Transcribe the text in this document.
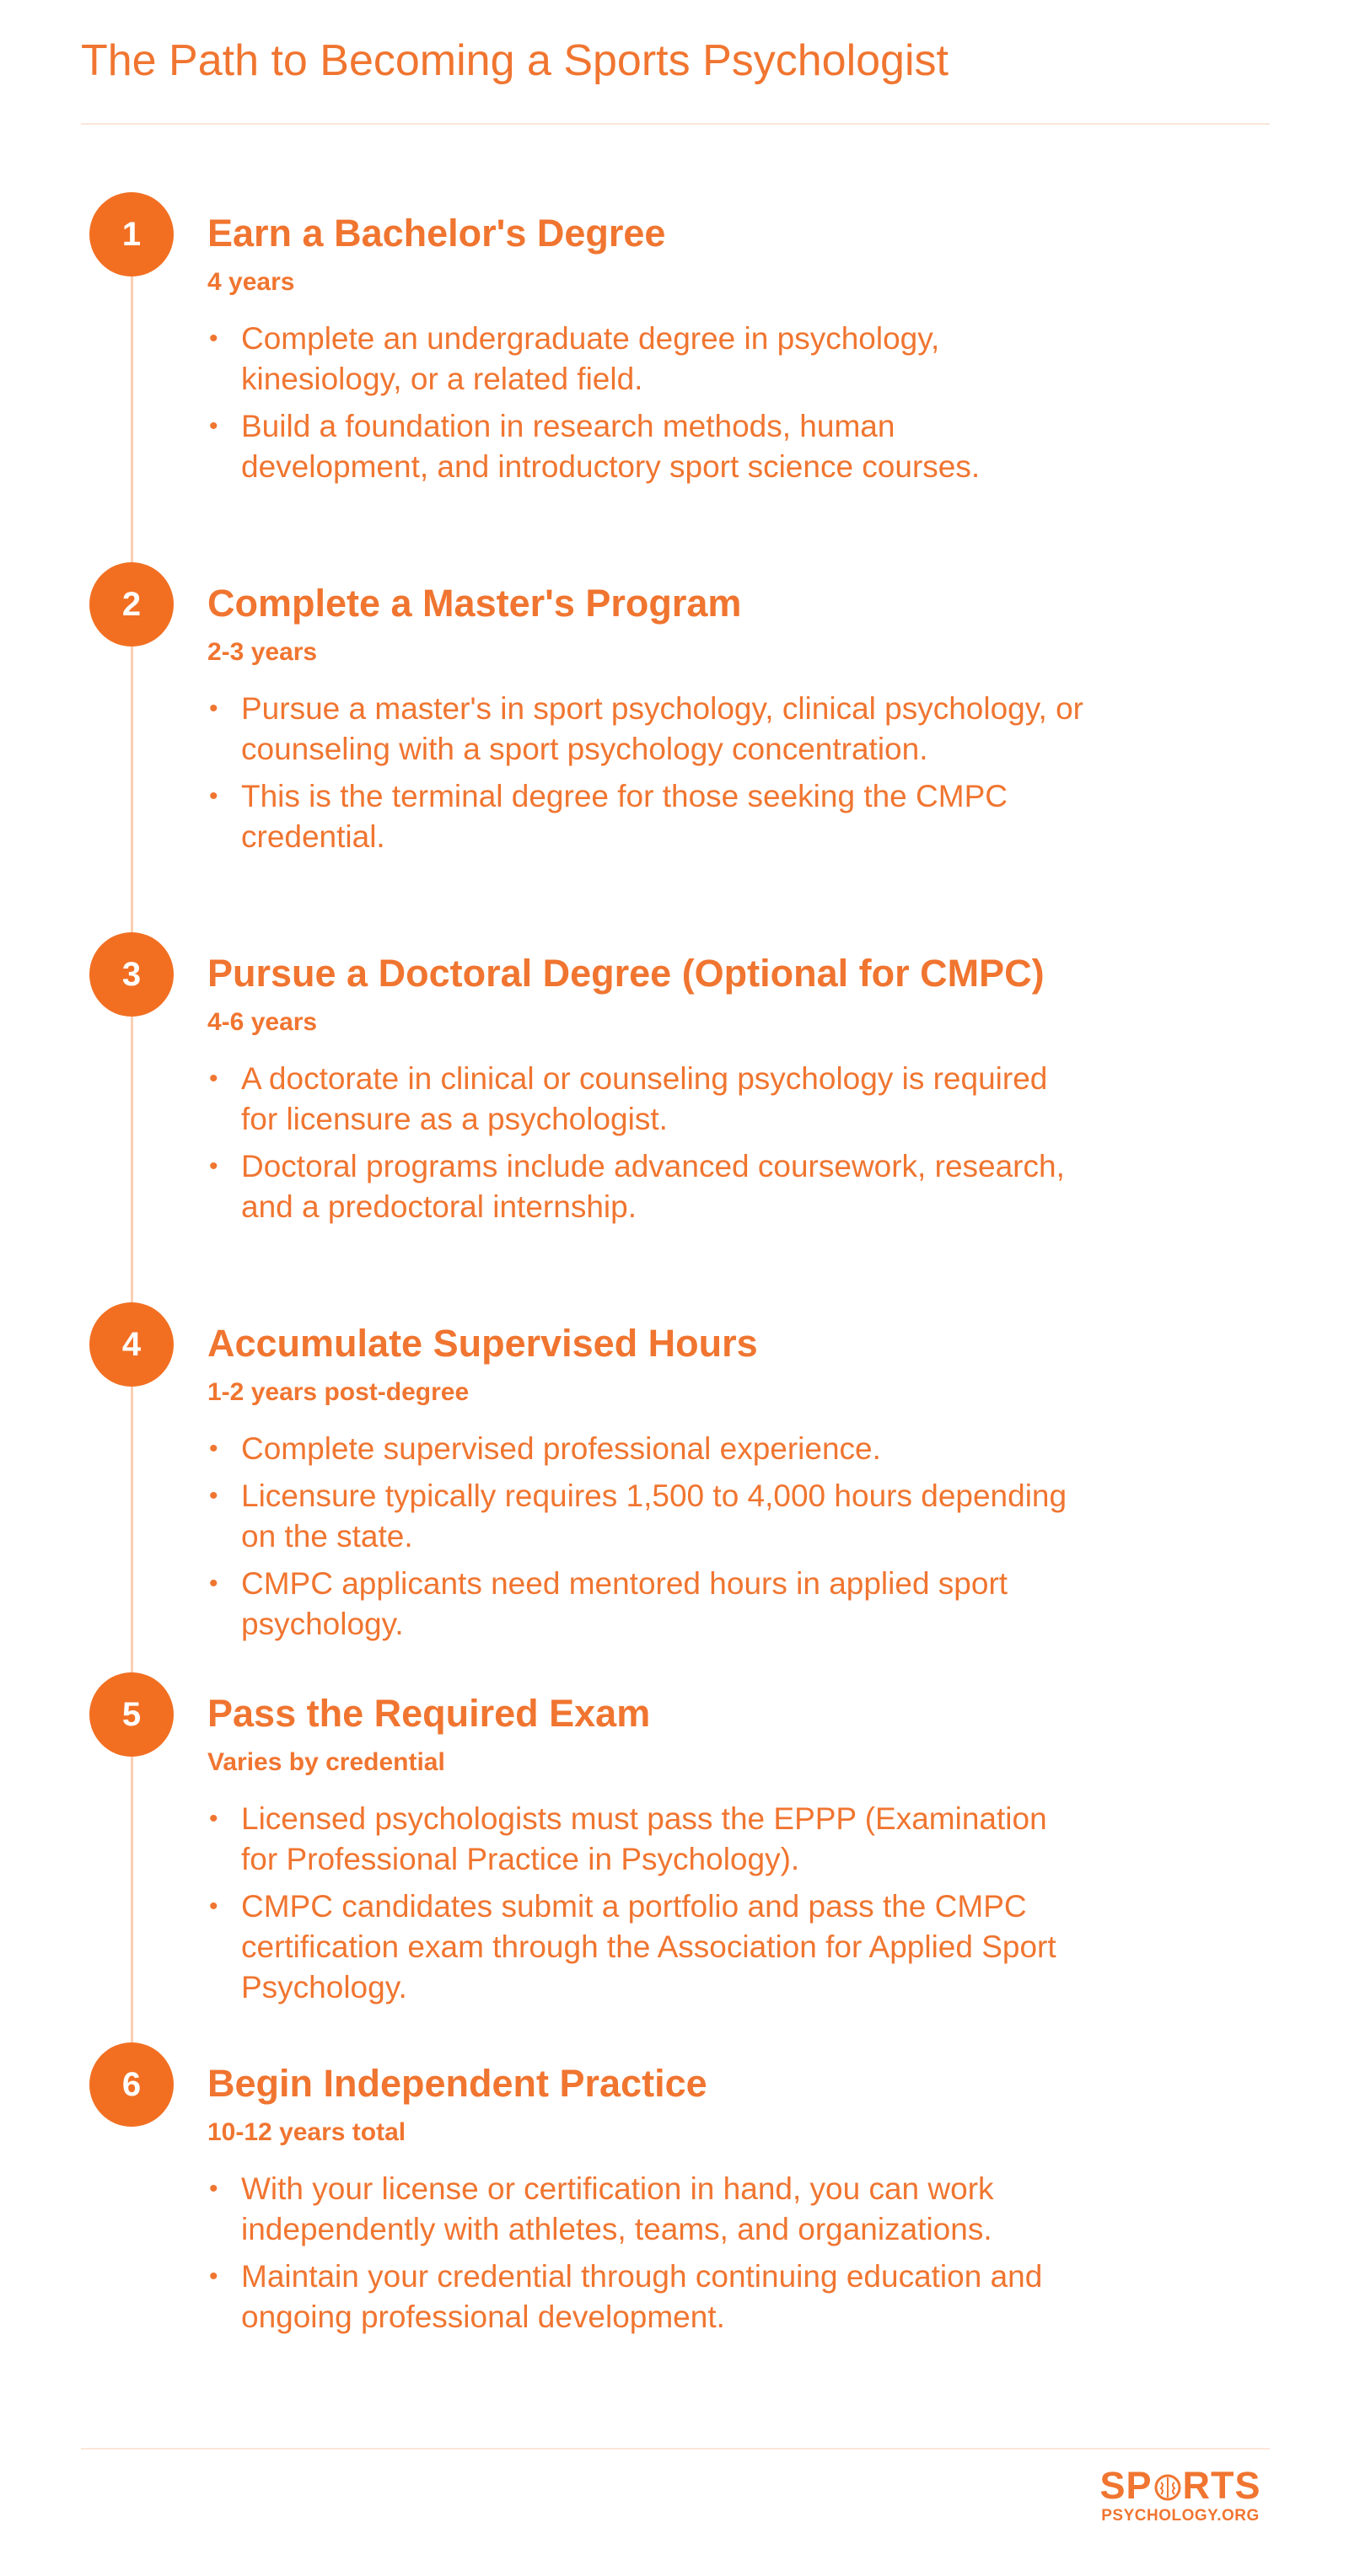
The Path to Becoming a Sports Psychologist
1	Earn a Bachelor's Degree
4 years
• Complete an undergraduate degree in psychology, kinesiology, or a related field.
• Build a foundation in research methods, human development, and introductory sport science courses.
2	Complete a Master's Program
2-3 years
• Pursue a master's in sport psychology, clinical psychology, or counseling with a sport psychology concentration.
• This is the terminal degree for those seeking the CMPC credential.
3	Pursue a Doctoral Degree (Optional for CMPC)
4-6 years
• A doctorate in clinical or counseling psychology is required for licensure as a psychologist.
• Doctoral programs include advanced coursework, research, and a predoctoral internship.
4	Accumulate Supervised Hours
1-2 years post-degree
• Complete supervised professional experience.
• Licensure typically requires 1,500 to 4,000 hours depending on the state.
• CMPC applicants need mentored hours in applied sport psychology.
5	Pass the Required Exam
Varies by credential
• Licensed psychologists must pass the EPPP (Examination for Professional Practice in Psychology).
• CMPC candidates submit a portfolio and pass the CMPC certification exam through the Association for Applied Sport Psychology.
6	Begin Independent Practice
10-12 years total
• With your license or certification in hand, you can work independently with athletes, teams, and organizations.
• Maintain your credential through continuing education and ongoing professional development.
SP RTS
PSYCHOLOGY.ORG
